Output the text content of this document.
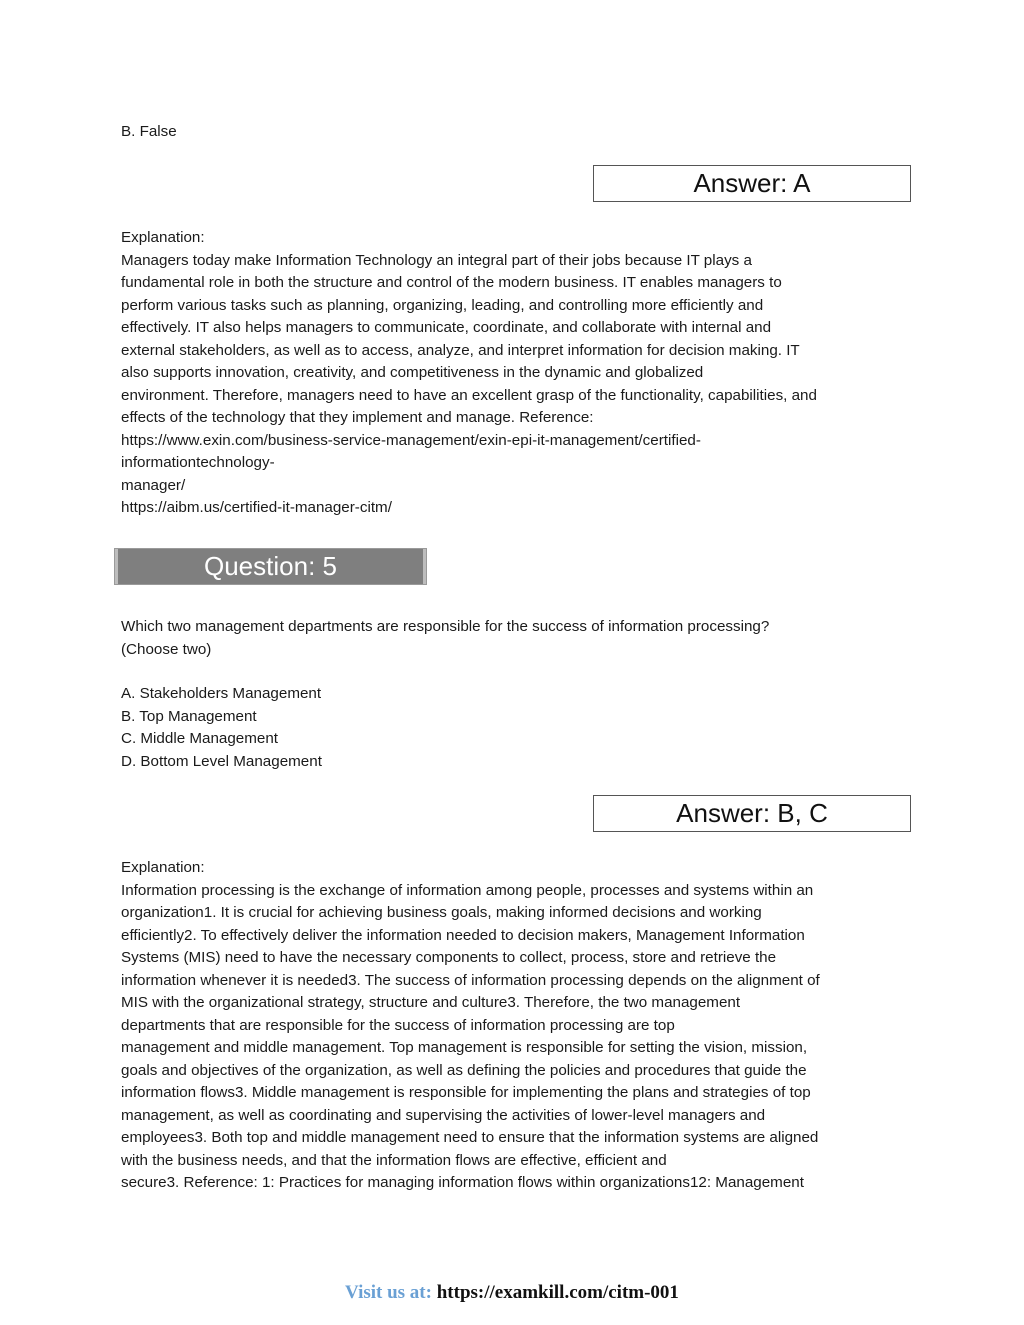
B. False
Answer: A
Explanation:
Managers today make Information Technology an integral part of their jobs because IT plays a
fundamental role in both the structure and control of the modern business. IT enables managers to
perform various tasks such as planning, organizing, leading, and controlling more efficiently and
effectively. IT also helps managers to communicate, coordinate, and collaborate with internal and
external stakeholders, as well as to access, analyze, and interpret information for decision making. IT
also supports innovation, creativity, and competitiveness in the dynamic and globalized
environment. Therefore, managers need to have an excellent grasp of the functionality, capabilities, and
effects of the technology that they implement and manage. Reference:
https://www.exin.com/business-service-management/exin-epi-it-management/certified-
informationtechnology-
manager/
https://aibm.us/certified-it-manager-citm/
Question: 5
Which two management departments are responsible for the success of information processing?
(Choose two)
A. Stakeholders Management
B. Top Management
C. Middle Management
D. Bottom Level Management
Answer: B, C
Explanation:
Information processing is the exchange of information among people, processes and systems within an
organization1. It is crucial for achieving business goals, making informed decisions and working
efficiently2. To effectively deliver the information needed to decision makers, Management Information
Systems (MIS) need to have the necessary components to collect, process, store and retrieve the
information whenever it is needed3. The success of information processing depends on the alignment of
MIS with the organizational strategy, structure and culture3. Therefore, the two management
departments that are responsible for the success of information processing are top
management and middle management. Top management is responsible for setting the vision, mission,
goals and objectives of the organization, as well as defining the policies and procedures that guide the
information flows3. Middle management is responsible for implementing the plans and strategies of top
management, as well as coordinating and supervising the activities of lower-level managers and
employees3. Both top and middle management need to ensure that the information systems are aligned
with the business needs, and that the information flows are effective, efficient and
secure3. Reference: 1: Practices for managing information flows within organizations12: Management
Visit us at: https://examkill.com/citm-001
